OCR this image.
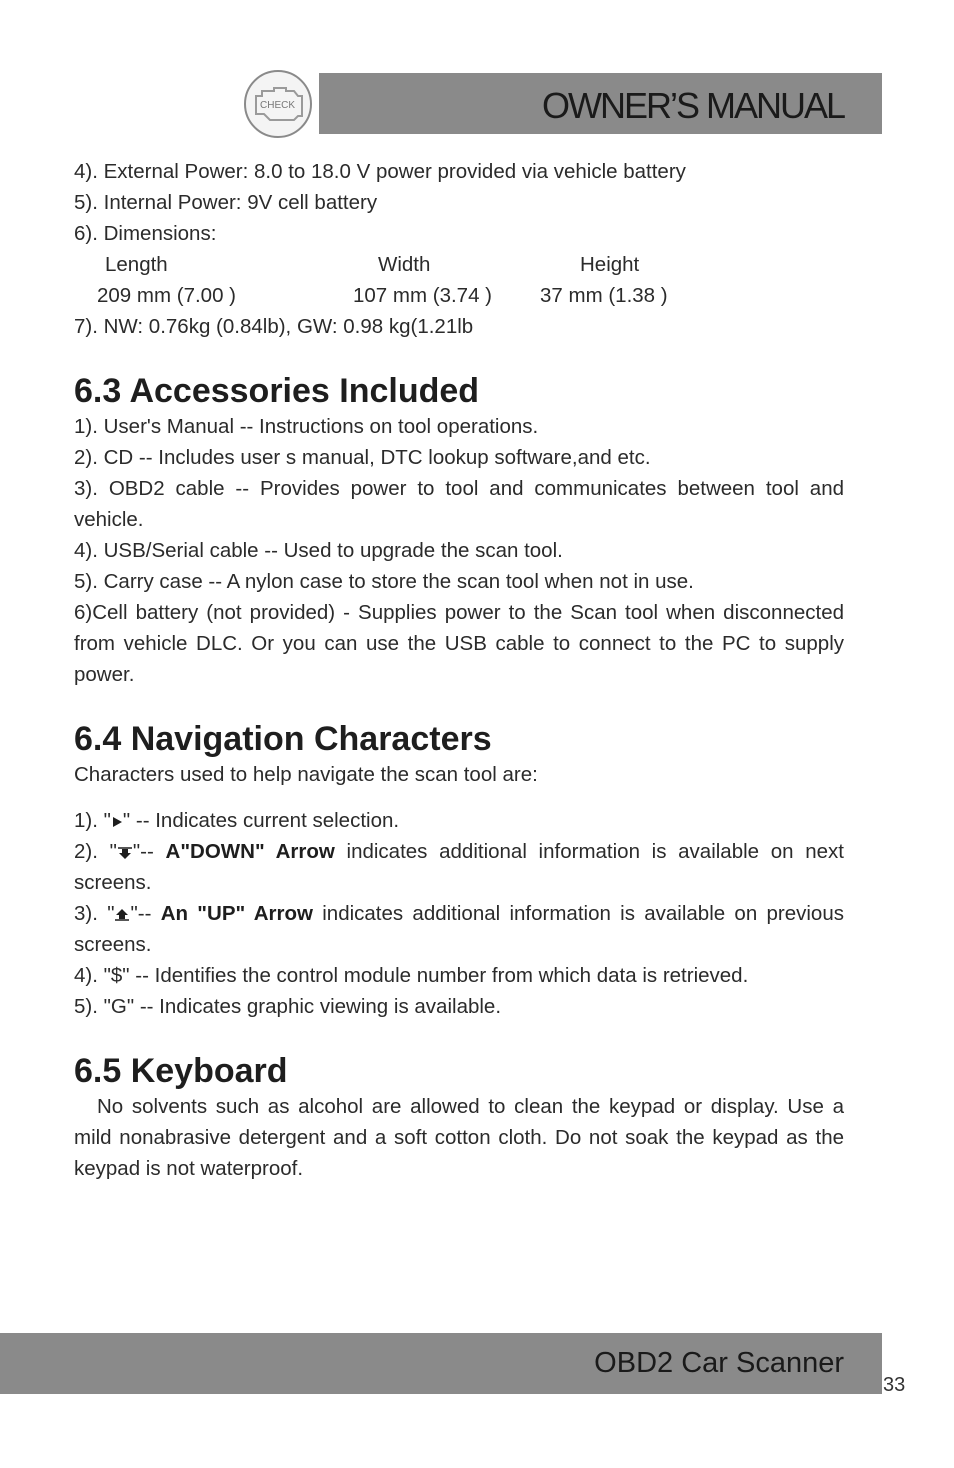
CHECK	OWNER’S MANUAL
4). External Power: 8.0 to 18.0 V power provided via vehicle battery
5). Internal Power: 9V cell battery
6). Dimensions:
Length	Width	Height
209 mm (7.00 )	107 mm (3.74 ) 37 mm (1.38 )
7). NW: 0.76kg (0.84lb), GW: 0.98 kg(1.21lb
6.3 Accessories Included
1). User's Manual -- Instructions on tool operations.
2). CD -- Includes user s manual, DTC lookup software,and etc.
3). OBD2 cable -- Provides power to tool and communicates between tool and vehicle.
4). USB/Serial cable -- Used to upgrade the scan tool.
5). Carry case -- A nylon case to store the scan tool when not in use.
6)Cell battery (not provided) - Supplies power to the Scan tool when disconnected from vehicle DLC. Or you can use the USB cable to connect to the PC to supply power.
6.4 Navigation Characters
Characters used to help navigate the scan tool are:
1). " " -- Indicates current selection.
2). " "-- A"DOWN" Arrow indicates additional information is available on next screens.
3). " "-- An "UP" Arrow indicates additional information is available on previous screens.
4). "$" -- Identifies the control module number from which data is retrieved.
5). "G" -- Indicates graphic viewing is available.
6.5 Keyboard
No solvents such as alcohol are allowed to clean the keypad or display. Use a mild nonabrasive detergent and a soft cotton cloth. Do not soak the keypad as the keypad is not waterproof.
OBD2 Car Scanner
33
